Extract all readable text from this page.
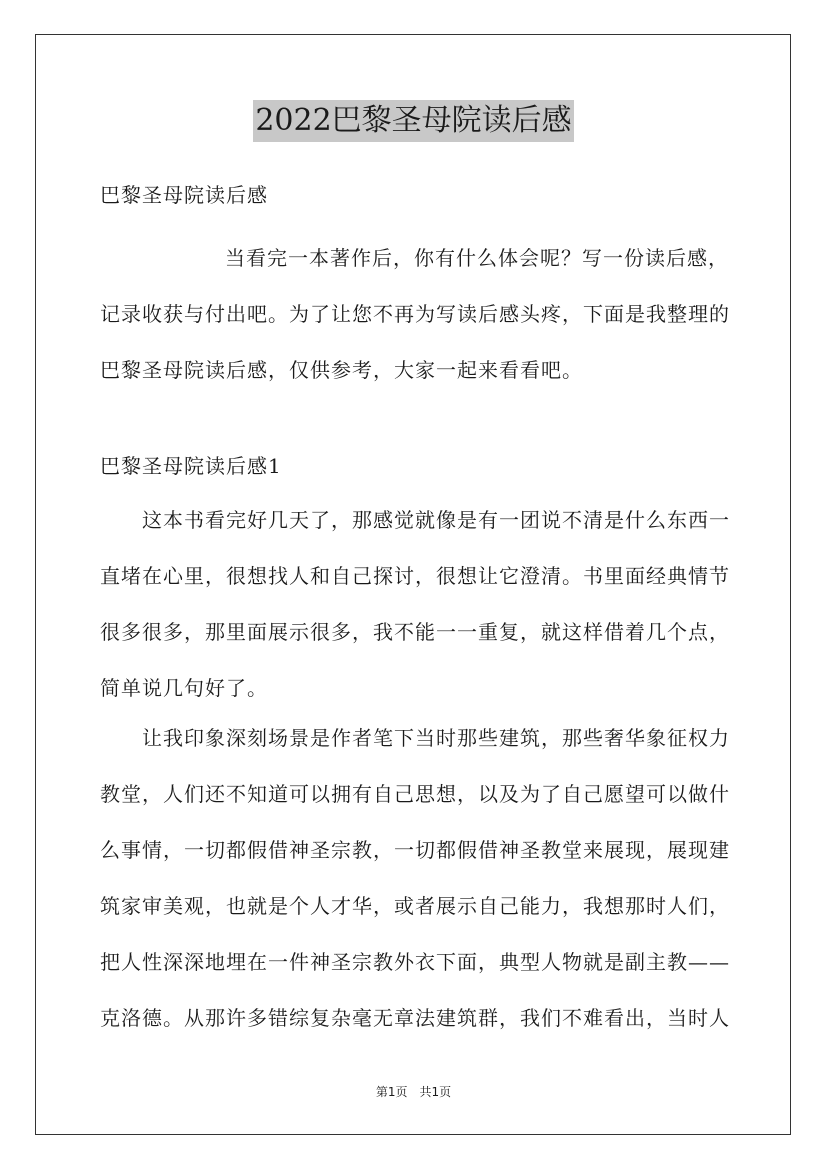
2022巴黎圣母院读后感
巴黎圣母院读后感
当看完一本著作后，你有什么体会呢？写一份读后感，记录收获与付出吧。为了让您不再为写读后感头疼，下面是我整理的巴黎圣母院读后感，仅供参考，大家一起来看看吧。
巴黎圣母院读后感1
这本书看完好几天了，那感觉就像是有一团说不清是什么东西一直堵在心里，很想找人和自己探讨，很想让它澄清。书里面经典情节很多很多，那里面展示很多，我不能一一重复，就这样借着几个点，简单说几句好了。
让我印象深刻场景是作者笔下当时那些建筑，那些奢华象征权力教堂，人们还不知道可以拥有自己思想，以及为了自己愿望可以做什么事情，一切都假借神圣宗教，一切都假借神圣教堂来展现，展现建筑家审美观，也就是个人才华，或者展示自己能力，我想那时人们，把人性深深地埋在一件神圣宗教外衣下面，典型人物就是副主教——克洛德。从那许多错综复杂毫无章法建筑群，我们不难看出，当时人
第1页　共1页
